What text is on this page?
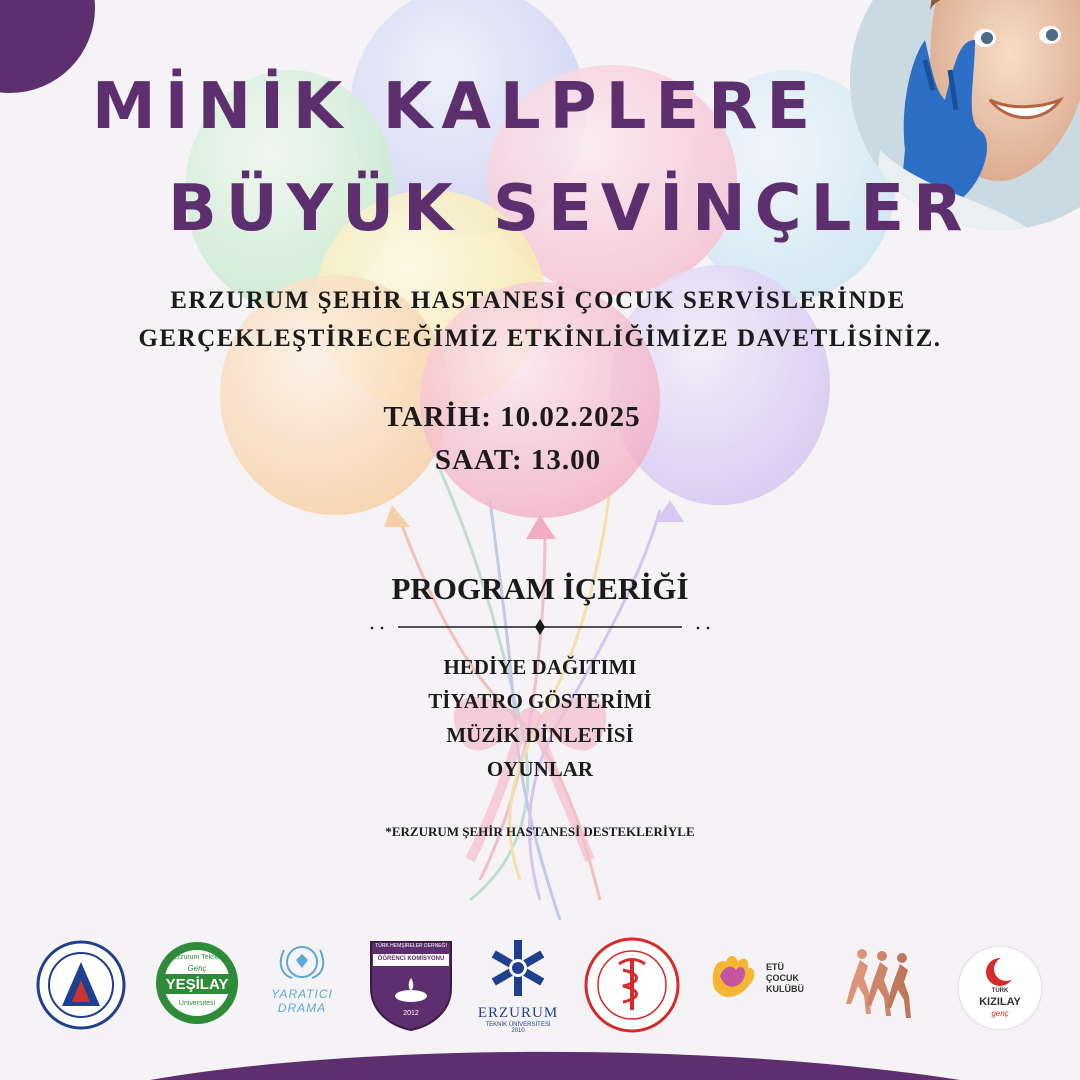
MİNİK KALPLERE
BÜYÜK SEVİNÇLER
ERZURUM ŞEHİR HASTANESİ ÇOCUK SERVİSLERİNDE
GERÇEKLEŞTİRECEĞİMİZ ETKİNLİĞİMİZE DAVETLİSİNİZ.
TARİH: 10.02.2025
SAAT: 13.00
PROGRAM İÇERİĞİ
HEDİYE DAĞITIMI
TİYATRO GÖSTERİMİ
MÜZİK DİNLETİSİ
OYUNLAR
*ERZURUM ŞEHİR HASTANESİ DESTEKLERİYLE
Erzurum Teknik
Genç
YEŞİLAY
Üniversitesi
YARATICI
DRAMA
TÜRK HEMŞİRELER DERNEĞİ
ÖĞRENCİ KOMİSYONU
2012	ERZURUM
TEKNİK ÜNİVERSİTESİ
2010
ETÜ
ÇOCUK
KULÜBÜ	TÜRK
KIZILAY
genç
